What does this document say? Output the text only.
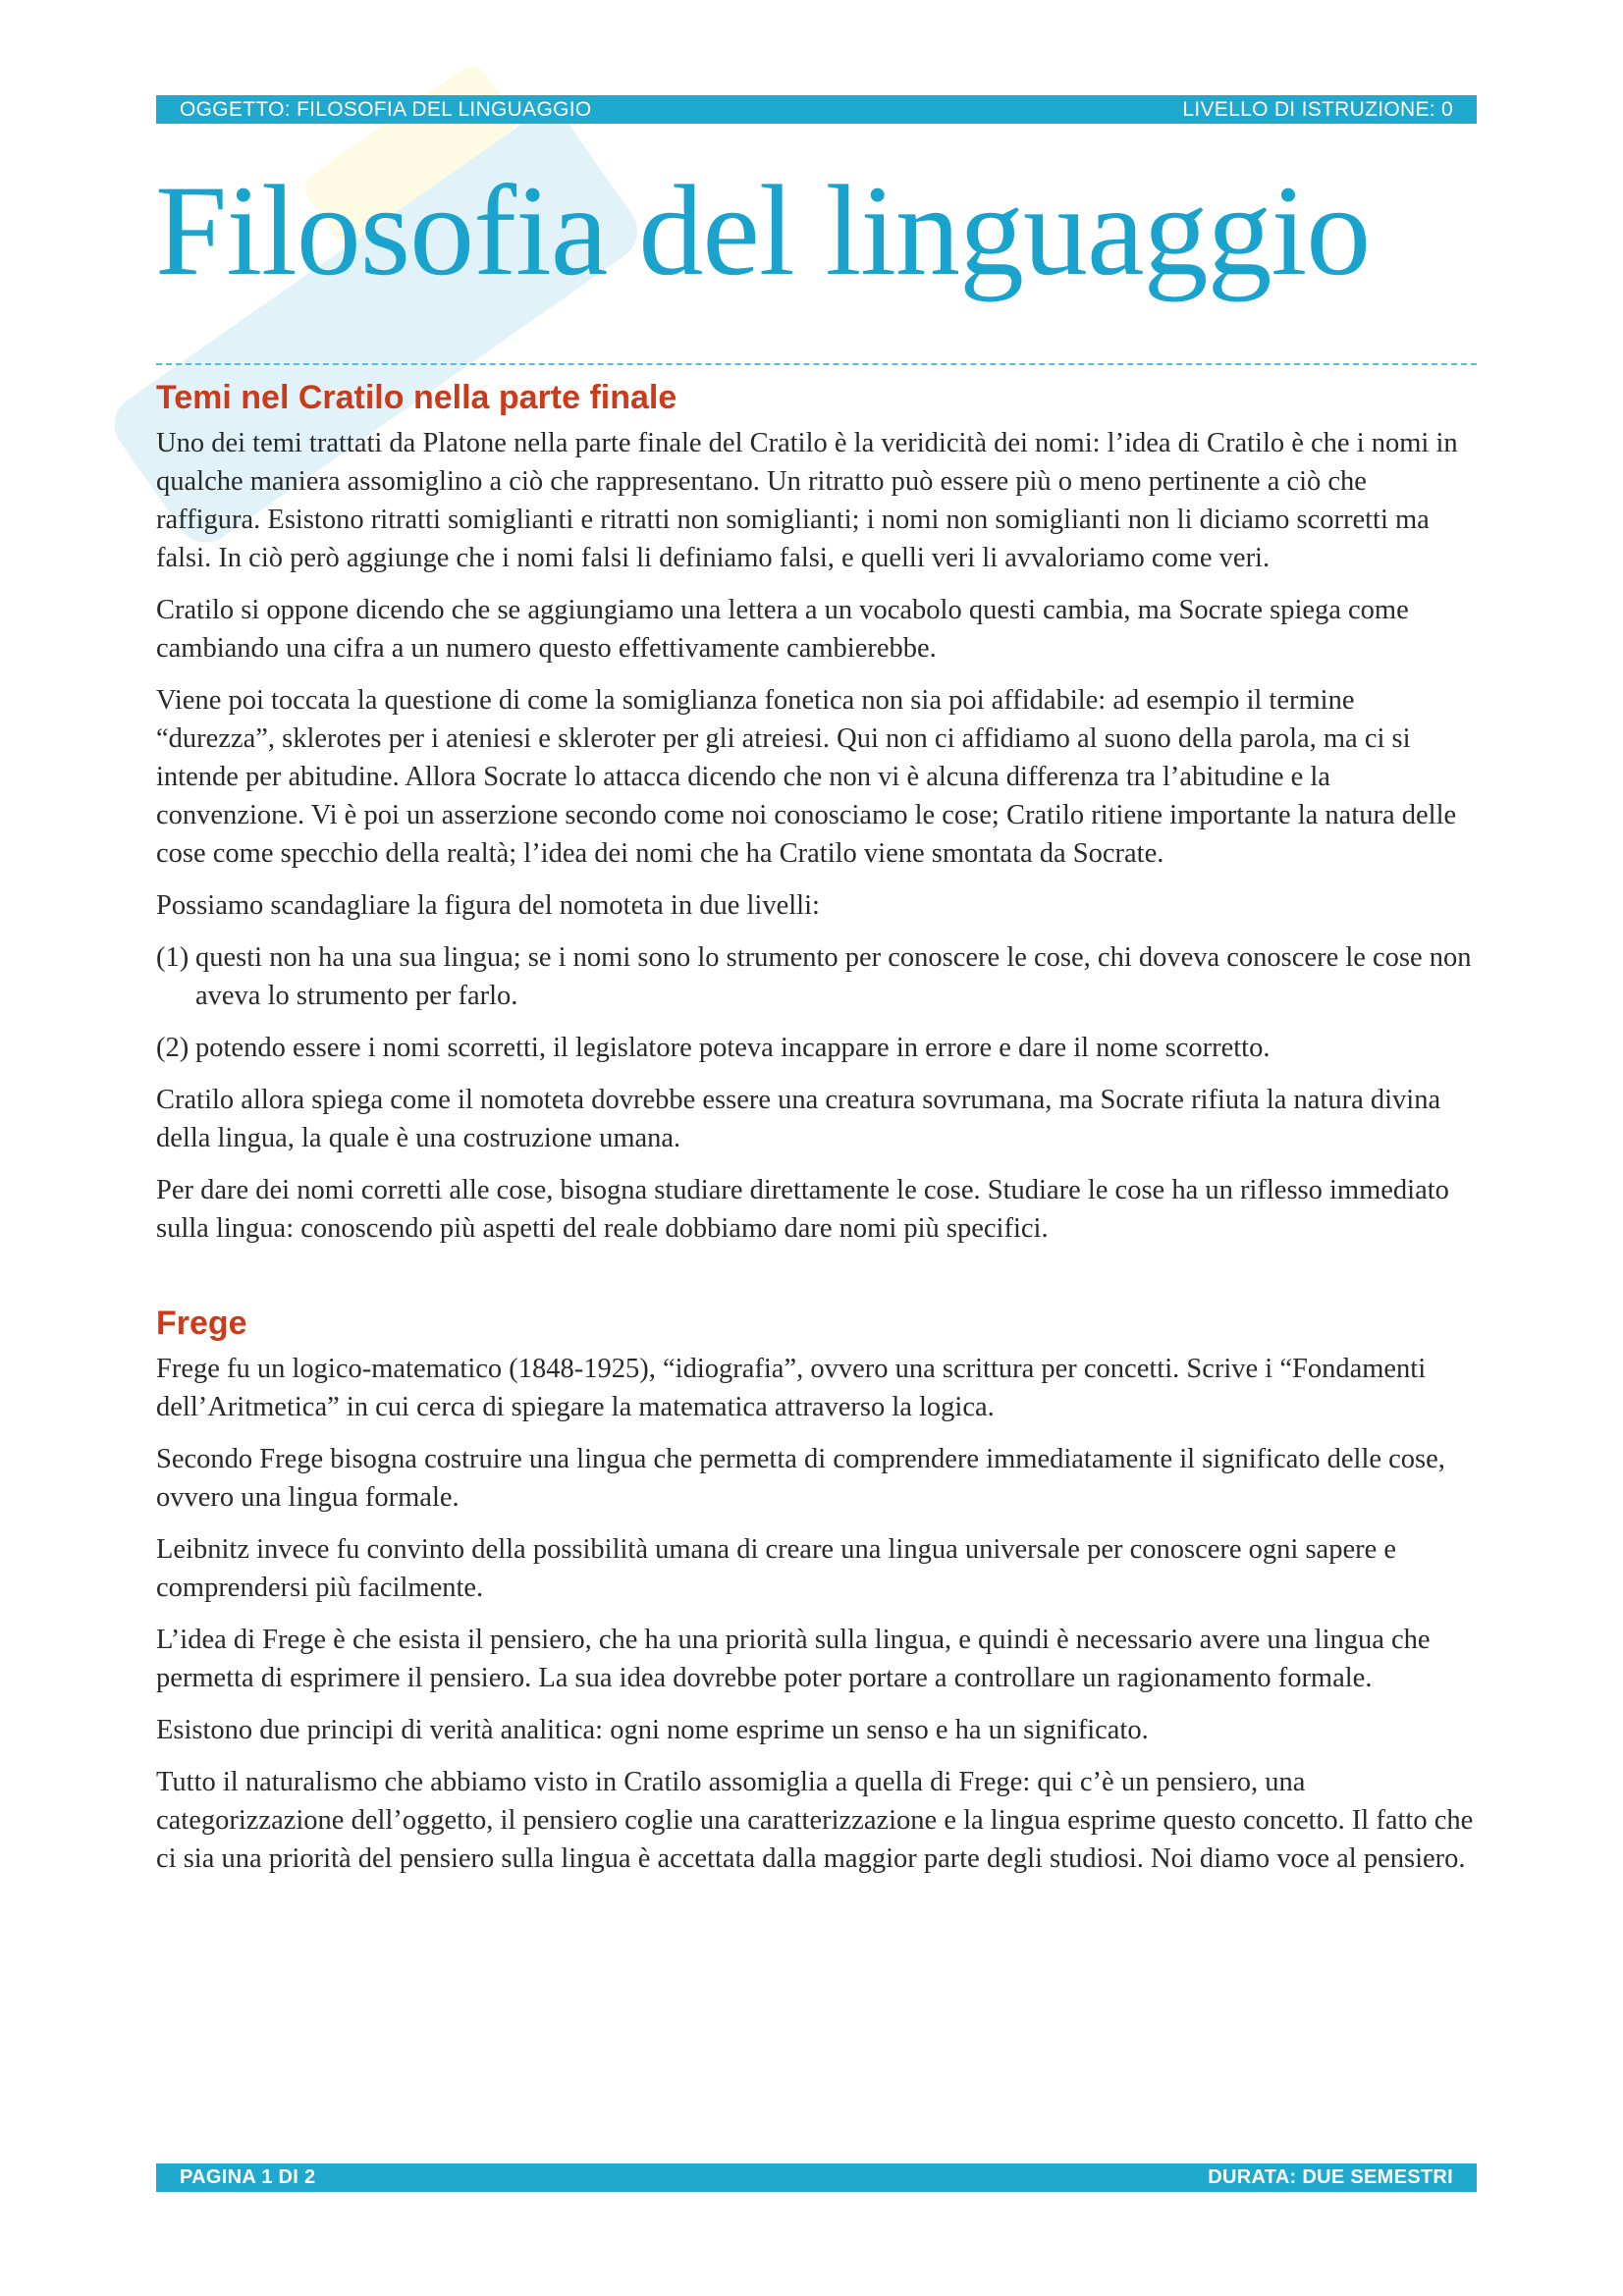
OGGETTO: FILOSOFIA DEL LINGUAGGIO	LIVELLO DI ISTRUZIONE: 0
Filosofia del linguaggio
Temi nel Cratilo nella parte finale

Uno dei temi trattati da Platone nella parte finale del Cratilo è la veridicità dei nomi: l’idea di Cratilo è che i nomi in qualche maniera assomiglino a ciò che rappresentano. Un ritratto può essere più o meno pertinente a ciò che raffigura. Esistono ritratti somiglianti e ritratti non somiglianti; i nomi non somiglianti non li diciamo scorretti ma falsi. In ciò però aggiunge che i nomi falsi li definiamo falsi, e quelli veri li avvaloriamo come veri.

Cratilo si oppone dicendo che se aggiungiamo una lettera a un vocabolo questi cambia, ma Socrate spiega come cambiando una cifra a un numero questo effettivamente cambierebbe.

Viene poi toccata la questione di come la somiglianza fonetica non sia poi affidabile: ad esempio il termine “durezza”, sklerotes per i ateniesi e skleroter per gli atreiesi. Qui non ci affidiamo al suono della parola, ma ci si intende per abitudine. Allora Socrate lo attacca dicendo che non vi è alcuna differenza tra l’abitudine e la convenzione. Vi è poi un asserzione secondo come noi conosciamo le cose; Cratilo ritiene importante la natura delle cose come specchio della realtà; l’idea dei nomi che ha Cratilo viene smontata da Socrate.

Possiamo scandagliare la figura del nomoteta in due livelli:

(1) questi non ha una sua lingua; se i nomi sono lo strumento per conoscere le cose, chi doveva conoscere le cose non aveva lo strumento per farlo.
(2) potendo essere i nomi scorretti, il legislatore poteva incappare in errore e dare il nome scorretto.

Cratilo allora spiega come il nomoteta dovrebbe essere una creatura sovrumana, ma Socrate rifiuta la natura divina della lingua, la quale è una costruzione umana.

Per dare dei nomi corretti alle cose, bisogna studiare direttamente le cose. Studiare le cose ha un riflesso immediato sulla lingua: conoscendo più aspetti del reale dobbiamo dare nomi più specifici.

Frege

Frege fu un logico-matematico (1848-1925), “idiografia”, ovvero una scrittura per concetti. Scrive i “Fondamenti dell’Aritmetica” in cui cerca di spiegare la matematica attraverso la logica.

Secondo Frege bisogna costruire una lingua che permetta di comprendere immediatamente il significato delle cose, ovvero una lingua formale.

Leibnitz invece fu convinto della possibilità umana di creare una lingua universale per conoscere ogni sapere e comprendersi più facilmente.

L’idea di Frege è che esista il pensiero, che ha una priorità sulla lingua, e quindi è necessario avere una lingua che permetta di esprimere il pensiero. La sua idea dovrebbe poter portare a controllare un ragionamento formale.

Esistono due principi di verità analitica: ogni nome esprime un senso e ha un significato.

Tutto il naturalismo che abbiamo visto in Cratilo assomiglia a quella di Frege: qui c’è un pensiero, una categorizzazione dell’oggetto, il pensiero coglie una caratterizzazione e la lingua esprime questo concetto. Il fatto che ci sia una priorità del pensiero sulla lingua è accettata dalla maggior parte degli studiosi. Noi diamo voce al pensiero.

PAGINA 1 DI 2	DURATA: DUE SEMESTRI
